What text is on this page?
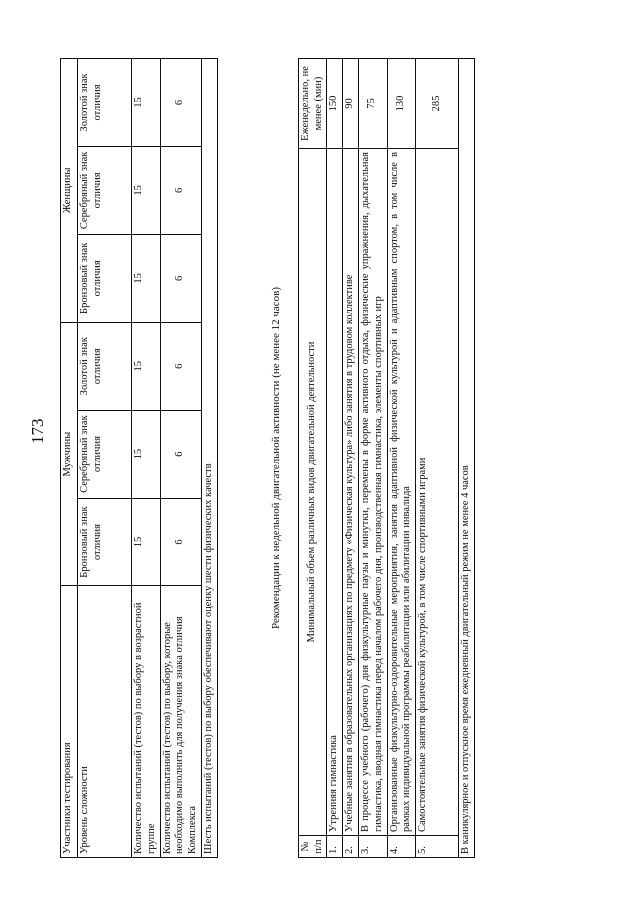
173
Участники тестирования	Мужчины			Женщины		
Уровень сложности	Бронзовый знак отличия	Серебряный знак отличия	Золотой знак отличия	Бронзовый знак отличия	Серебряный знак отличия	Золотой знак отличия
Количество испытаний (тестов) по выбору в возрастной группе	15	15	15	15	15	15
Количество испытаний (тестов) по выбору, которые необходимо выполнить для получения знака отличия Комплекса	6	6	6	6	6	6
Шесть испытаний (тестов) по выбору обеспечивают оценку шести физических качеств						

Рекомендации к недельной двигательной активности (не менее 12 часов)

№ п/п	Минимальный объем различных видов двигательной деятельности	Еженедельно, не менее (мин)
1.	Утренняя гимнастика	150
2.	Учебные занятия в образовательных организациях по предмету «Физическая культура» либо занятия в трудовом коллективе	90
3.	В процессе учебного (рабочего) дня физкультурные паузы и минутки, перемены в форме активного отдыха, физические упражнения, дыхательная гимнастика, вводная гимнастика перед началом рабочего дня, производственная гимнастика, элементы спортивных игр	75
4.	Организованные физкультурно-оздоровительные мероприятия, занятия адаптивной физической культурой и адаптивным спортом, в том числе в рамках индивидуальной программы реабилитации или абилитации инвалида	130
5.	Самостоятельные занятия физической культурой, в том числе спортивными играми	285
В каникулярное и отпускное время ежедневный двигательный режим не менее 4 часов		
